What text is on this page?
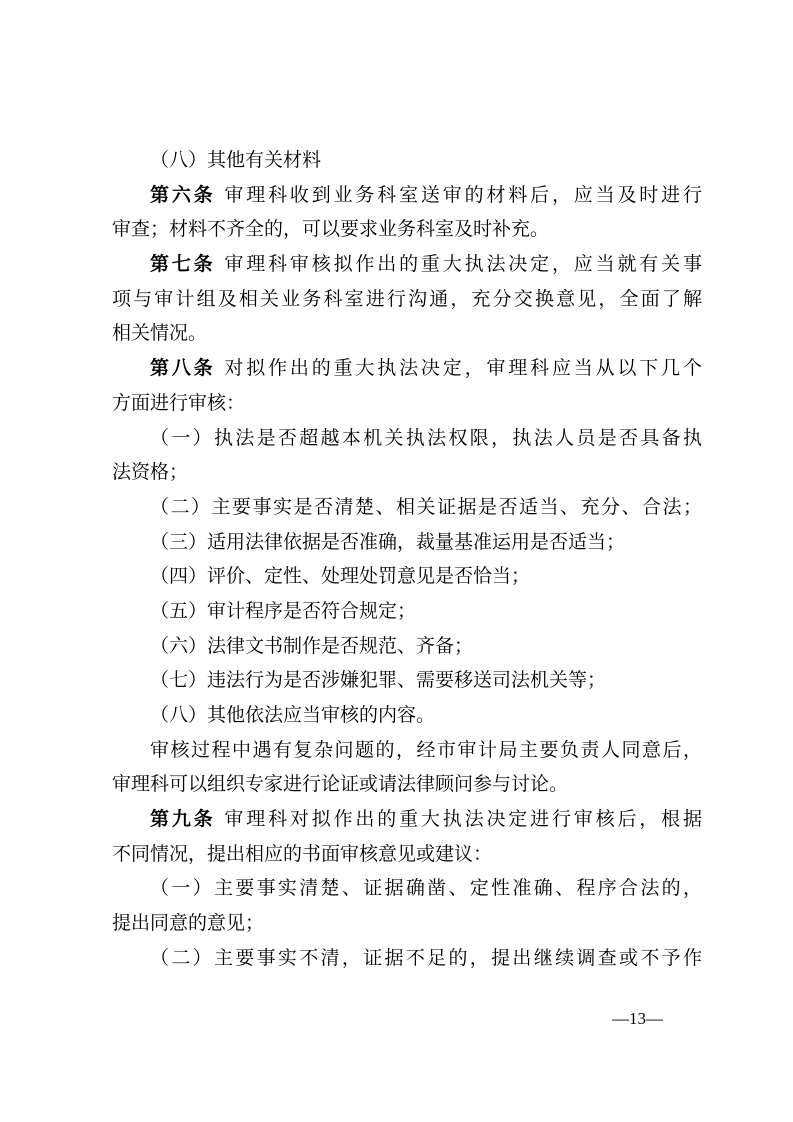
（八）其他有关材料
第六条 审理科收到业务科室送审的材料后，应当及时进行
审查；材料不齐全的，可以要求业务科室及时补充。
第七条 审理科审核拟作出的重大执法决定，应当就有关事
项与审计组及相关业务科室进行沟通，充分交换意见，全面了解
相关情况。
第八条 对拟作出的重大执法决定，审理科应当从以下几个
方面进行审核：
（一）执法是否超越本机关执法权限，执法人员是否具备执
法资格；
（二）主要事实是否清楚、相关证据是否适当、充分、合法；
（三）适用法律依据是否准确，裁量基准运用是否适当；
（四）评价、定性、处理处罚意见是否恰当；
（五）审计程序是否符合规定；
（六）法律文书制作是否规范、齐备；
（七）违法行为是否涉嫌犯罪、需要移送司法机关等；
（八）其他依法应当审核的内容。
审核过程中遇有复杂问题的，经市审计局主要负责人同意后，
审理科可以组织专家进行论证或请法律顾问参与讨论。
第九条 审理科对拟作出的重大执法决定进行审核后，根据
不同情况，提出相应的书面审核意见或建议：
（一）主要事实清楚、证据确凿、定性准确、程序合法的，
提出同意的意见；
（二）主要事实不清，证据不足的，提出继续调查或不予作
—13—
